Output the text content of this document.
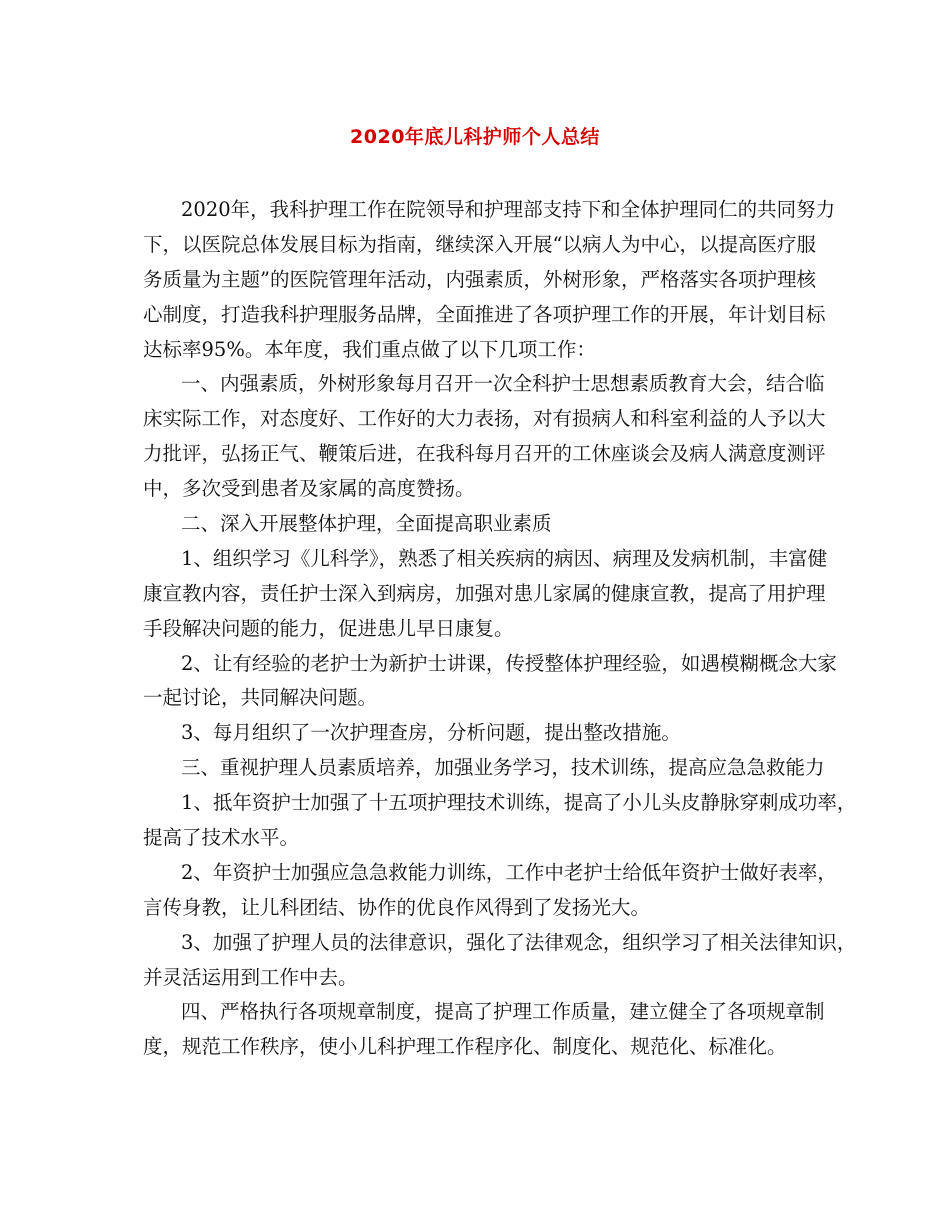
2020年底儿科护师个人总结
2020年，我科护理工作在院领导和护理部支持下和全体护理同仁的共同努力
下，以医院总体发展目标为指南，继续深入开展“以病人为中心，以提高医疗服
务质量为主题”的医院管理年活动，内强素质，外树形象，严格落实各项护理核
心制度，打造我科护理服务品牌，全面推进了各项护理工作的开展，年计划目标
达标率95%。本年度，我们重点做了以下几项工作：
一、内强素质，外树形象每月召开一次全科护士思想素质教育大会，结合临
床实际工作，对态度好、工作好的大力表扬，对有损病人和科室利益的人予以大
力批评，弘扬正气、鞭策后进，在我科每月召开的工休座谈会及病人满意度测评
中，多次受到患者及家属的高度赞扬。
二、深入开展整体护理，全面提高职业素质
1、组织学习《儿科学》，熟悉了相关疾病的病因、病理及发病机制，丰富健
康宣教内容，责任护士深入到病房，加强对患儿家属的健康宣教，提高了用护理
手段解决问题的能力，促进患儿早日康复。
2、让有经验的老护士为新护士讲课，传授整体护理经验，如遇模糊概念大家
一起讨论，共同解决问题。
3、每月组织了一次护理查房，分析问题，提出整改措施。
三、重视护理人员素质培养，加强业务学习，技术训练，提高应急急救能力
1、抵年资护士加强了十五项护理技术训练，提高了小儿头皮静脉穿刺成功率，
提高了技术水平。
2、年资护士加强应急急救能力训练，工作中老护士给低年资护士做好表率，
言传身教，让儿科团结、协作的优良作风得到了发扬光大。
3、加强了护理人员的法律意识，强化了法律观念，组织学习了相关法律知识，
并灵活运用到工作中去。
四、严格执行各项规章制度，提高了护理工作质量，建立健全了各项规章制
度，规范工作秩序，使小儿科护理工作程序化、制度化、规范化、标准化。
